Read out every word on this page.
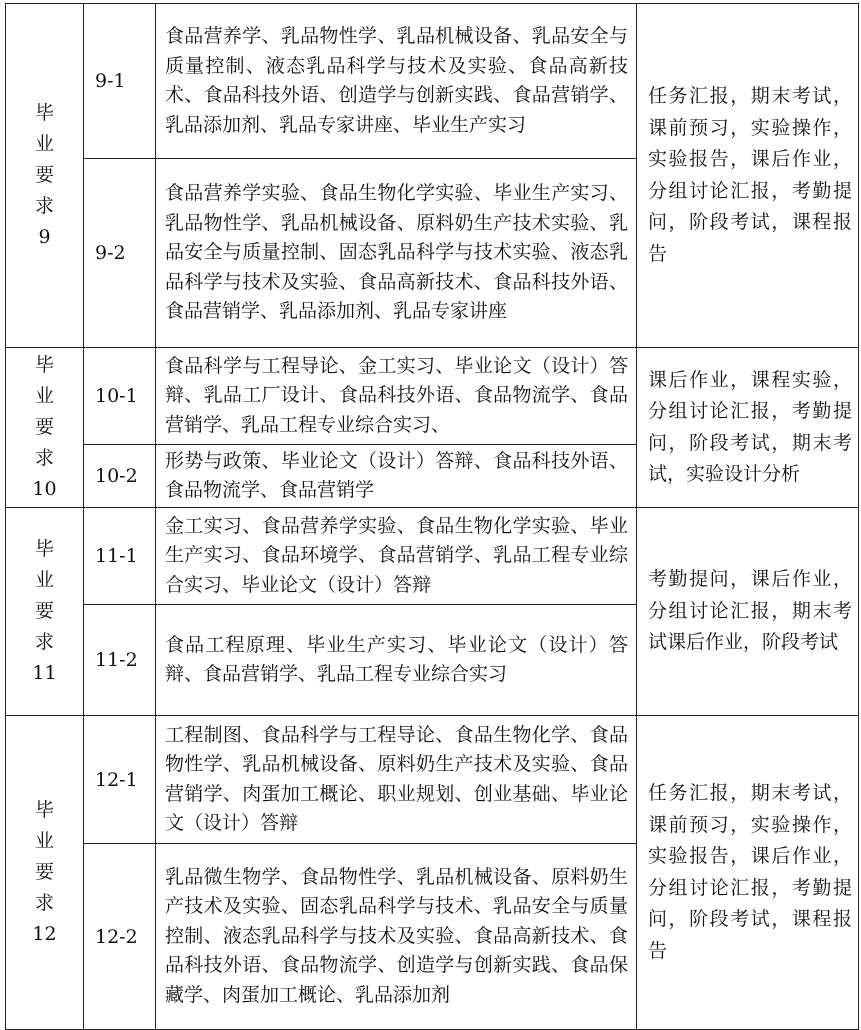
毕
业
要
求
9	9-1	食品营养学、乳品物性学、乳品机械设备、乳品安全与质量控制、液态乳品科学与技术及实验、食品高新技术、食品科技外语、创造学与创新实践、食品营销学、乳品添加剂、乳品专家讲座、毕业生产实习	任务汇报，期末考试，课前预习，实验操作，实验报告，课后作业，分组讨论汇报，考勤提问，阶段考试，课程报告
	9-2	食品营养学实验、食品生物化学实验、毕业生产实习、乳品物性学、乳品机械设备、原料奶生产技术实验、乳品安全与质量控制、固态乳品科学与技术实验、液态乳品科学与技术及实验、食品高新技术、食品科技外语、食品营销学、乳品添加剂、乳品专家讲座	

毕
业
要
求
10	10-1	食品科学与工程导论、金工实习、毕业论文（设计）答辩、乳品工厂设计、食品科技外语、食品物流学、食品营销学、乳品工程专业综合实习、	课后作业，课程实验，分组讨论汇报，考勤提问，阶段考试，期末考试，实验设计分析
	10-2	形势与政策、毕业论文（设计）答辩、食品科技外语、食品物流学、食品营销学	

毕
业
要
求
11	11-1	金工实习、食品营养学实验、食品生物化学实验、毕业生产实习、食品环境学、食品营销学、乳品工程专业综合实习、毕业论文（设计）答辩	考勤提问，课后作业，分组讨论汇报，期末考试课后作业，阶段考试
	11-2	食品工程原理、毕业生产实习、毕业论文（设计）答辩、食品营销学、乳品工程专业综合实习	

毕
业
要
求
12	12-1	工程制图、食品科学与工程导论、食品生物化学、食品物性学、乳品机械设备、原料奶生产技术及实验、食品营销学、肉蛋加工概论、职业规划、创业基础、毕业论文（设计）答辩	任务汇报，期末考试，课前预习，实验操作，实验报告，课后作业，分组讨论汇报，考勤提问，阶段考试，课程报告
	12-2	乳品微生物学、食品物性学、乳品机械设备、原料奶生产技术及实验、固态乳品科学与技术、乳品安全与质量控制、液态乳品科学与技术及实验、食品高新技术、食品科技外语、食品物流学、创造学与创新实践、食品保藏学、肉蛋加工概论、乳品添加剂	
